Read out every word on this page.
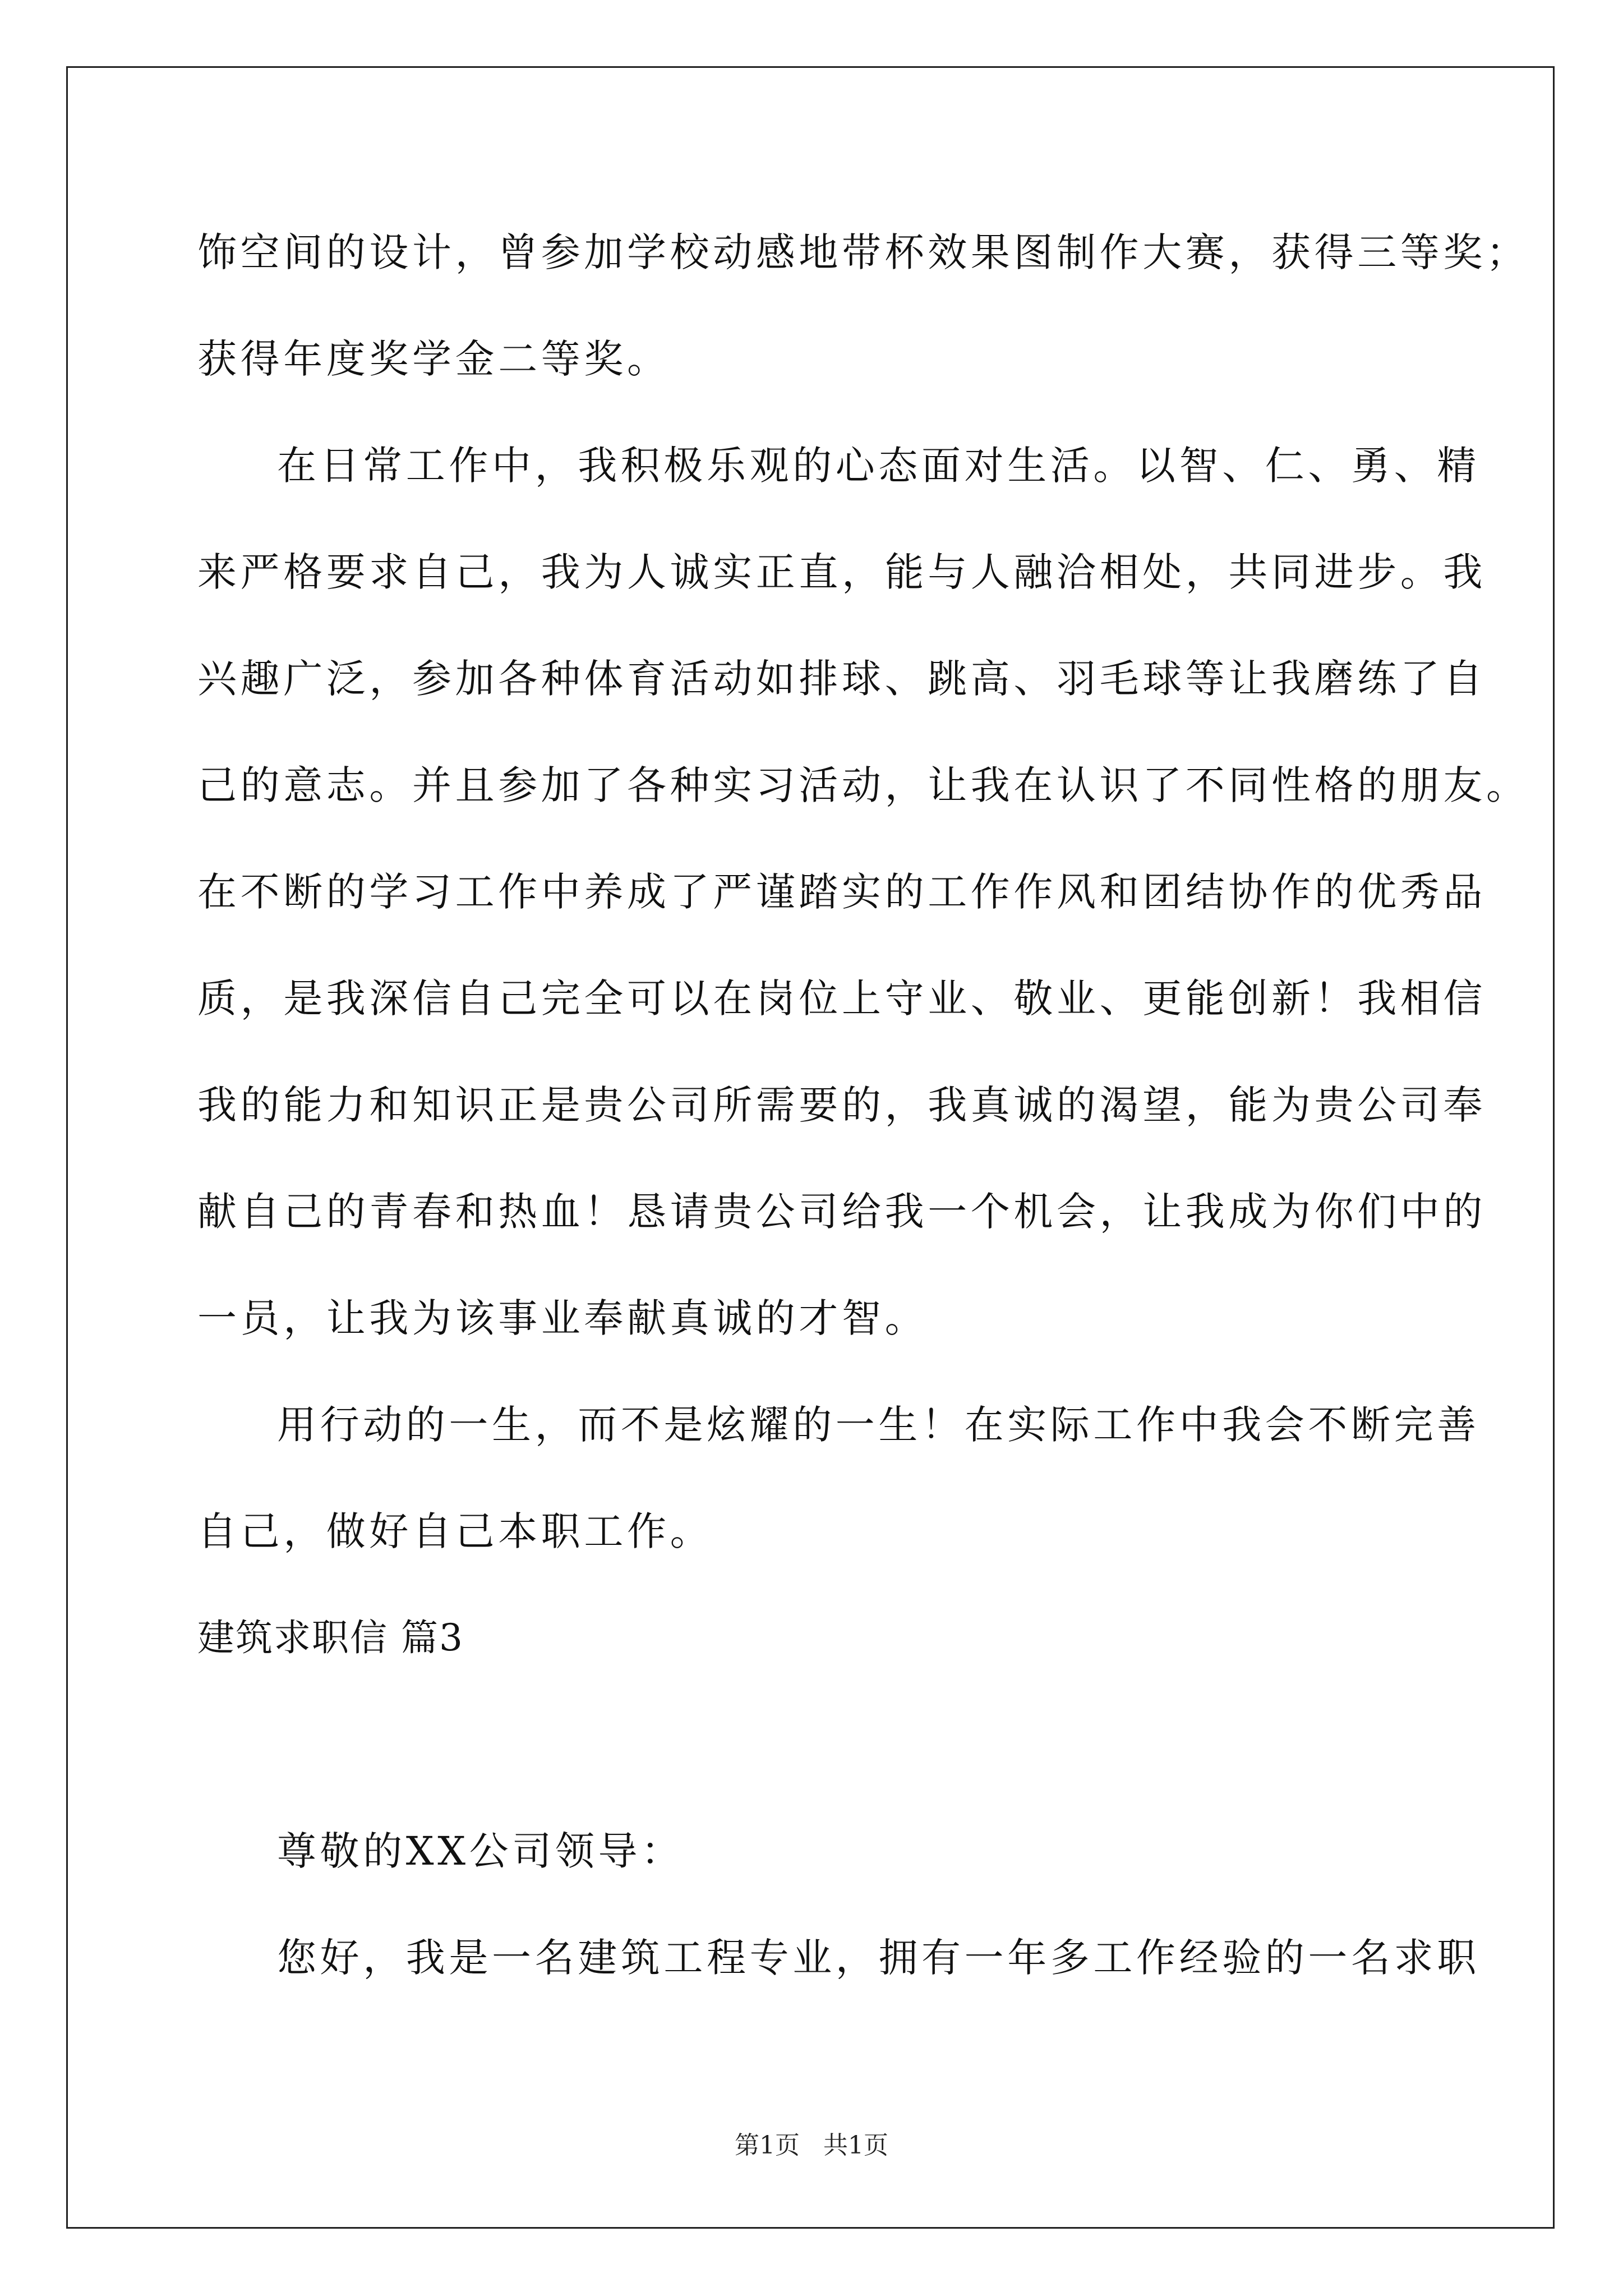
饰空间的设计，曾参加学校动感地带杯效果图制作大赛，获得三等奖；
获得年度奖学金二等奖。
在日常工作中，我积极乐观的心态面对生活。以智、仁、勇、精
来严格要求自己，我为人诚实正直，能与人融洽相处，共同进步。我
兴趣广泛，参加各种体育活动如排球、跳高、羽毛球等让我磨练了自
己的意志。并且参加了各种实习活动，让我在认识了不同性格的朋友。
在不断的学习工作中养成了严谨踏实的工作作风和团结协作的优秀品
质，是我深信自己完全可以在岗位上守业、敬业、更能创新！我相信
我的能力和知识正是贵公司所需要的，我真诚的渴望，能为贵公司奉
献自己的青春和热血！恳请贵公司给我一个机会，让我成为你们中的
一员，让我为该事业奉献真诚的才智。
用行动的一生，而不是炫耀的一生！在实际工作中我会不断完善
自己，做好自己本职工作。
建筑求职信 篇3
尊敬的XX公司领导：
您好，我是一名建筑工程专业，拥有一年多工作经验的一名求职
第1页   共1页
